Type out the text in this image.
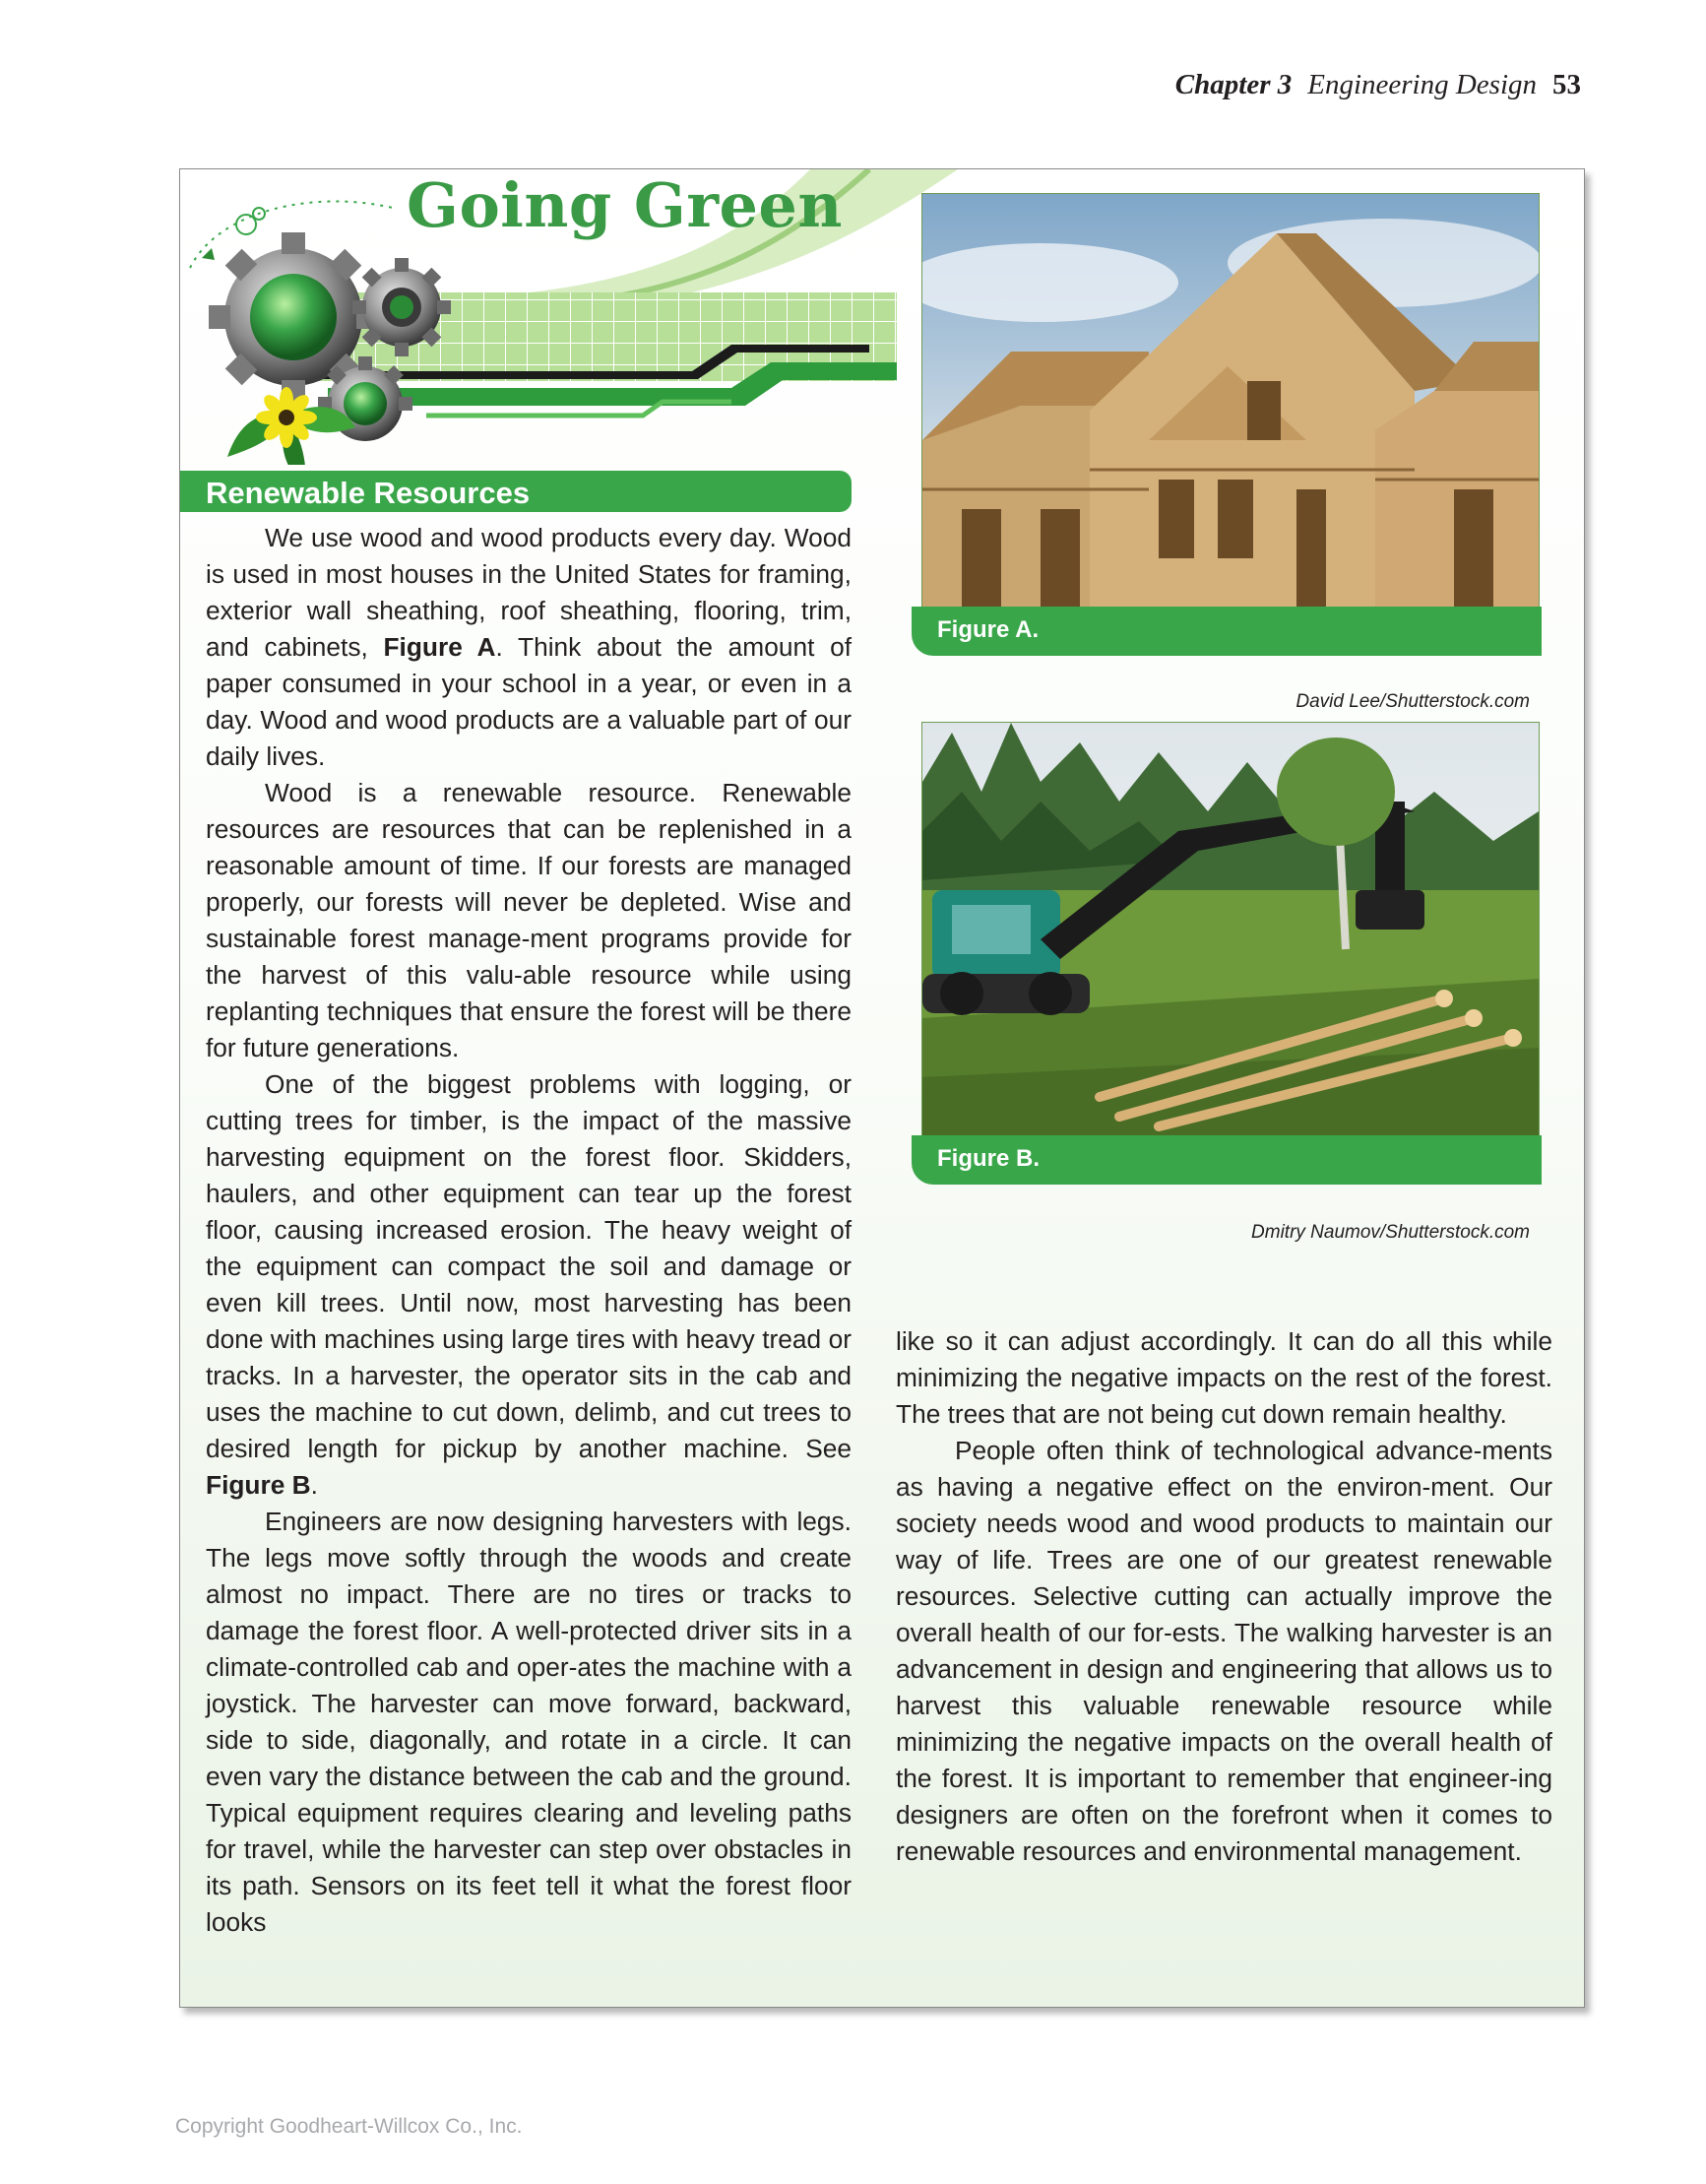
Chapter 3 Engineering Design 53
Going Green
Renewable Resources

We use wood and wood products every day. Wood is used in most houses in the United States for framing, exterior wall sheathing, roof sheathing, flooring, trim, and cabinets, Figure A. Think about the amount of paper consumed in your school in a year, or even in a day. Wood and wood products are a valuable part of our daily lives.

Wood is a renewable resource. Renewable resources are resources that can be replenished in a reasonable amount of time. If our forests are managed properly, our forests will never be depleted. Wise and sustainable forest manage-ment programs provide for the harvest of this valu-able resource while using replanting techniques that ensure the forest will be there for future generations.

One of the biggest problems with logging, or cutting trees for timber, is the impact of the massive harvesting equipment on the forest floor. Skidders, haulers, and other equipment can tear up the forest floor, causing increased erosion. The heavy weight of the equipment can compact the soil and damage or even kill trees. Until now, most harvesting has been done with machines using large tires with heavy tread or tracks. In a harvester, the operator sits in the cab and uses the machine to cut down, delimb, and cut trees to desired length for pickup by another machine. See Figure B.

Engineers are now designing harvesters with legs. The legs move softly through the woods and create almost no impact. There are no tires or tracks to damage the forest floor. A well-protected driver sits in a climate-controlled cab and oper-ates the machine with a joystick. The harvester can move forward, backward, side to side, diagonally, and rotate in a circle. It can even vary the distance between the cab and the ground. Typical equipment requires clearing and leveling paths for travel, while the harvester can step over obstacles in its path. Sensors on its feet tell it what the forest floor looks

Figure A.
David Lee/Shutterstock.com
Figure B.
Dmitry Naumov/Shutterstock.com

like so it can adjust accordingly. It can do all this while minimizing the negative impacts on the rest of the forest. The trees that are not being cut down remain healthy.

People often think of technological advance-ments as having a negative effect on the environ-ment. Our society needs wood and wood products to maintain our way of life. Trees are one of our greatest renewable resources. Selective cutting can actually improve the overall health of our for-ests. The walking harvester is an advancement in design and engineering that allows us to harvest this valuable renewable resource while minimizing the negative impacts on the overall health of the forest. It is important to remember that engineer-ing designers are often on the forefront when it comes to renewable resources and environmental management.

Copyright Goodheart-Willcox Co., Inc.
